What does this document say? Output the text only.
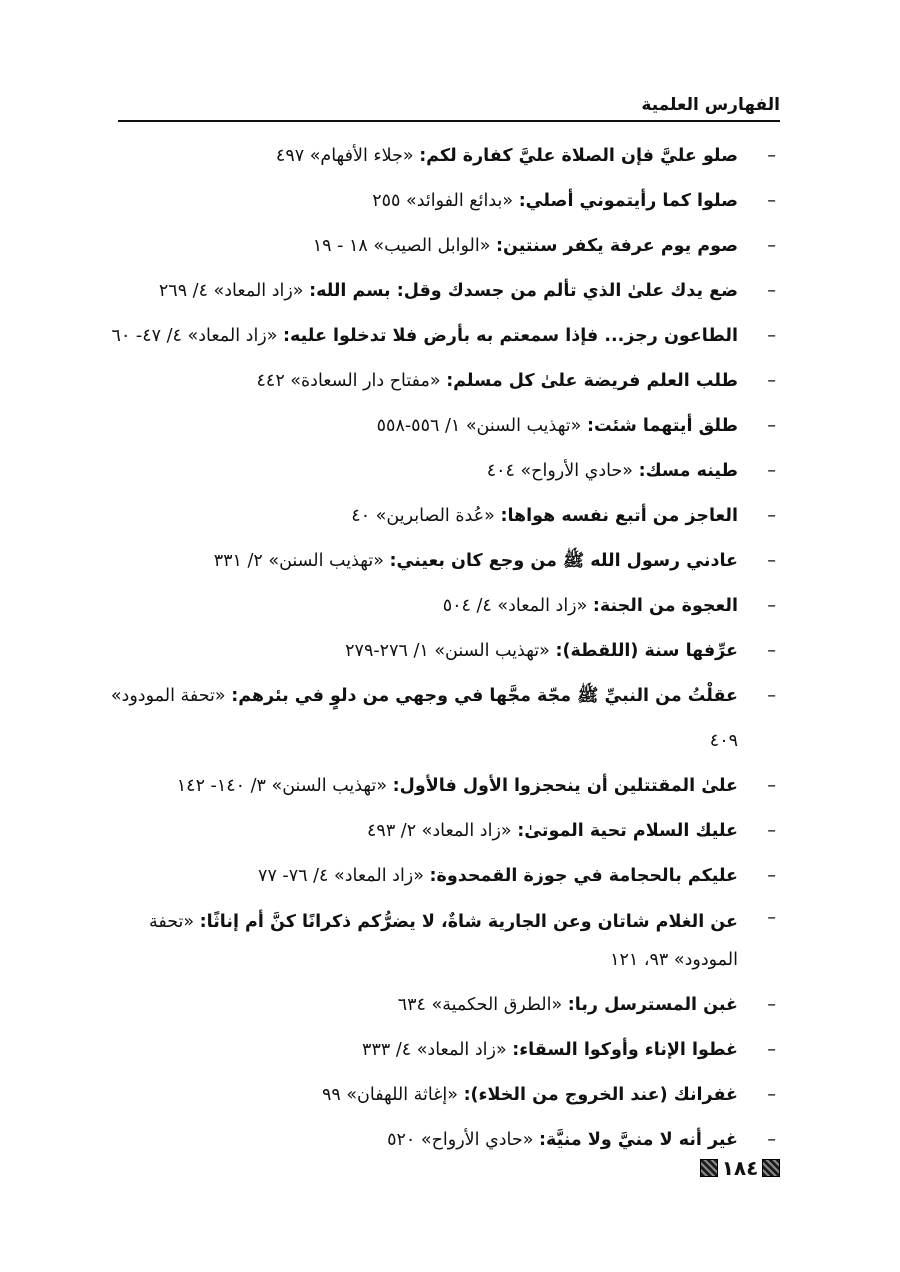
الفهارس العلمية
–
صلو عليَّ فإن الصلاة عليَّ كفارة لكم: «جلاء الأفهام» ٤٩٧
–
صلوا كما رأيتموني أصلي: «بدائع الفوائد» ٢٥٥
–
صوم يوم عرفة يكفر سنتين: «الوابل الصيب» ١٨ - ١٩
–
ضع يدك علىٰ الذي تألم من جسدك وقل: بسم الله: «زاد المعاد» ٤/ ٢٦٩
–
الطاعون رجز... فإذا سمعتم به بأرض فلا تدخلوا عليه: «زاد المعاد» ٤/ ٤٧- ٦٠
–
طلب العلم فريضة علىٰ كل مسلم: «مفتاح دار السعادة» ٤٤٢
–
طلق أيتهما شئت: «تهذيب السنن» ١/ ٥٥٦-٥٥٨
–
طينه مسك: «حادي الأرواح» ٤٠٤
–
العاجز من أتبع نفسه هواها: «عُدة الصابرين» ٤٠
–
عادني رسول الله ﷺ من وجع كان بعيني: «تهذيب السنن» ٢/ ٣٣١
–
العجوة من الجنة: «زاد المعاد» ٤/ ٥٠٤
–
عرِّفها سنة (اللقطة): «تهذيب السنن» ١/ ٢٧٦-٢٧٩
–
عقلْتُ من النبيِّ ﷺ مجّة مجَّها في وجهي من دلوٍ في بئرهم: «تحفة المودود» ٤٠٩
–
علىٰ المقتتلين أن ينحجزوا الأول فالأول: «تهذيب السنن» ٣/ ١٤٠- ١٤٢
–
عليك السلام تحية الموتىٰ: «زاد المعاد» ٢/ ٤٩٣
–
عليكم بالحجامة في جوزة القمحدوة: «زاد المعاد» ٤/ ٧٦- ٧٧
–
عن الغلام شاتان وعن الجارية شاةٌ، لا يضرُّكم ذكرانًا كنَّ أم إناثًا: «تحفة المودود» ٩٣، ١٢١
–
غبن المسترسل ربا: «الطرق الحكمية» ٦٣٤
–
غطوا الإناء وأوكوا السقاء: «زاد المعاد» ٤/ ٣٣٣
–
غفرانك (عند الخروج من الخلاء): «إغاثة اللهفان» ٩٩
–
غير أنه لا منيَّ ولا منيَّة: «حادي الأرواح» ٥٢٠
١٨٤
